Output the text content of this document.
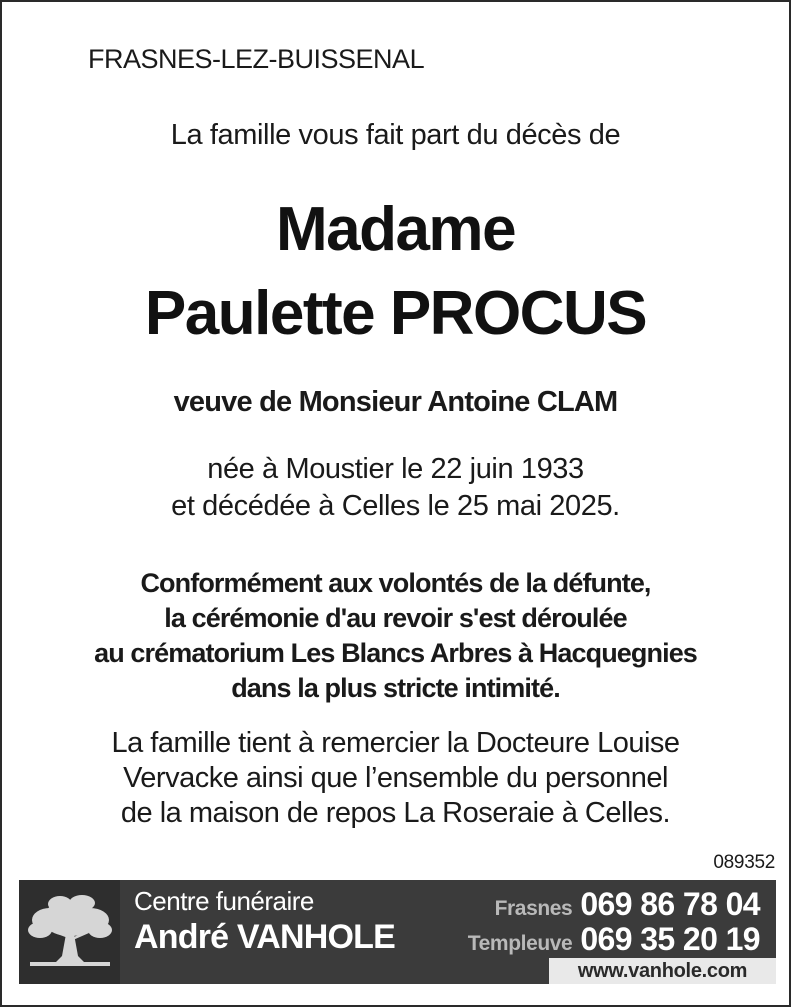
FRASNES-LEZ-BUISSENAL
La famille vous fait part du décès de
Madame
Paulette PROCUS
veuve de Monsieur Antoine CLAM
née à Moustier le 22 juin 1933
et décédée à Celles le 25 mai 2025.
Conformément aux volontés de la défunte,
la cérémonie d'au revoir s'est déroulée
au crématorium Les Blancs Arbres à Hacquegnies
dans la plus stricte intimité.
La famille tient à remercier la Docteure Louise
Vervacke ainsi que l’ensemble du personnel
de la maison de repos La Roseraie à Celles.
089352
Centre funéraire
André VANHOLE
Frasnes 069 86 78 04
Templeuve 069 35 20 19
www.vanhole.com
